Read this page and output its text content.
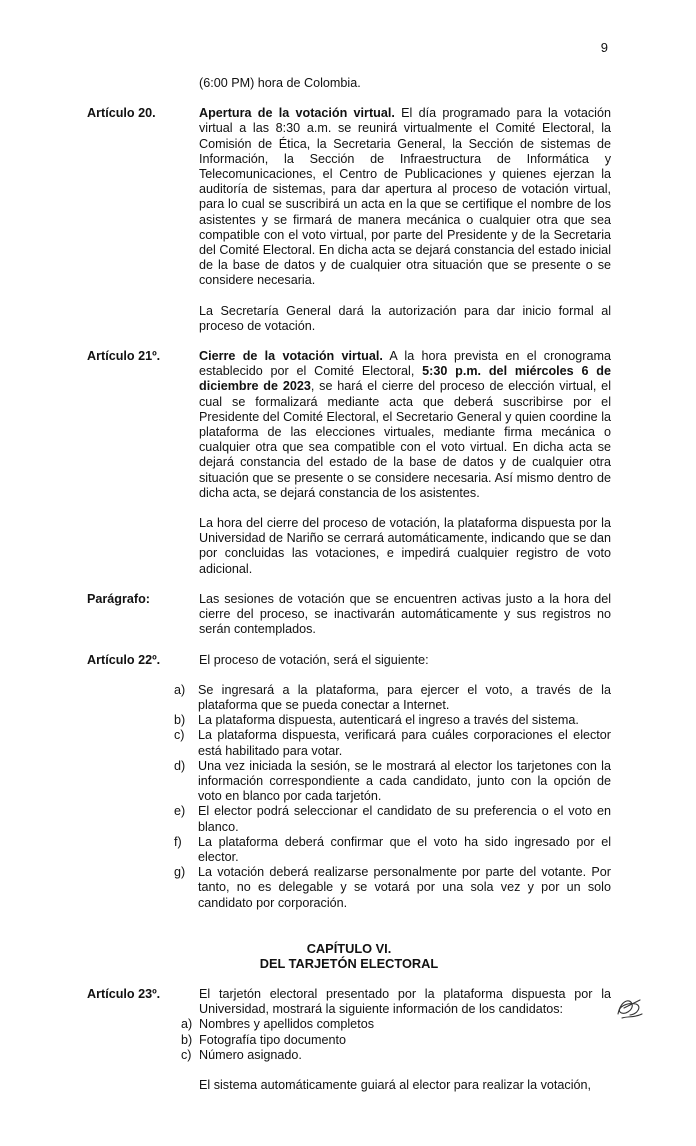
9
(6:00 PM) hora de Colombia.
Artículo 20.	Apertura de la votación virtual. El día programado para la votación virtual a las 8:30 a.m. se reunirá virtualmente el Comité Electoral, la Comisión de Ética, la Secretaria General, la Sección de sistemas de Información, la Sección de Infraestructura de Informática y Telecomunicaciones, el Centro de Publicaciones y quienes ejerzan la auditoría de sistemas, para dar apertura al proceso de votación virtual, para lo cual se suscribirá un acta en la que se certifique el nombre de los asistentes y se firmará de manera mecánica o cualquier otra que sea compatible con el voto virtual, por parte del Presidente y de la Secretaria del Comité Electoral. En dicha acta se dejará constancia del estado inicial de la base de datos y de cualquier otra situación que se presente o se considere necesaria.

La Secretaría General dará la autorización para dar inicio formal al proceso de votación.

Artículo 21º.	Cierre de la votación virtual. A la hora prevista en el cronograma establecido por el Comité Electoral, 5:30 p.m. del miércoles 6 de diciembre de 2023, se hará el cierre del proceso de elección virtual, el cual se formalizará mediante acta que deberá suscribirse por el Presidente del Comité Electoral, el Secretario General y quien coordine la plataforma de las elecciones virtuales, mediante firma mecánica o cualquier otra que sea compatible con el voto virtual. En dicha acta se dejará constancia del estado de la base de datos y de cualquier otra situación que se presente o se considere necesaria. Así mismo dentro de dicha acta, se dejará constancia de los asistentes.

La hora del cierre del proceso de votación, la plataforma dispuesta por la Universidad de Nariño se cerrará automáticamente, indicando que se dan por concluidas las votaciones, e impedirá cualquier registro de voto adicional.

Parágrafo:	Las sesiones de votación que se encuentren activas justo a la hora del cierre del proceso, se inactivarán automáticamente y sus registros no serán contemplados.
Artículo 22º.	El proceso de votación, será el siguiente:
a)	Se ingresará a la plataforma, para ejercer el voto, a través de la plataforma que se pueda conectar a Internet.
b)	La plataforma dispuesta, autenticará el ingreso a través del sistema.
c)	La plataforma dispuesta, verificará para cuáles corporaciones el elector está habilitado para votar.
d)	Una vez iniciada la sesión, se le mostrará al elector los tarjetones con la información correspondiente a cada candidato, junto con la opción de voto en blanco por cada tarjetón.
e)	El elector podrá seleccionar el candidato de su preferencia o el voto en blanco.
f)	La plataforma deberá confirmar que el voto ha sido ingresado por el elector.
g)	La votación deberá realizarse personalmente por parte del votante. Por tanto, no es delegable y se votará por una sola vez y por un solo candidato por corporación.
CAPÍTULO VI.
DEL TARJETÓN ELECTORAL
Artículo 23º.	El tarjetón electoral presentado por la plataforma dispuesta por la Universidad, mostrará la siguiente información de los candidatos:
a) Nombres y apellidos completos
b) Fotografía tipo documento
c) Número asignado.
El sistema automáticamente guiará al elector para realizar la votación,
